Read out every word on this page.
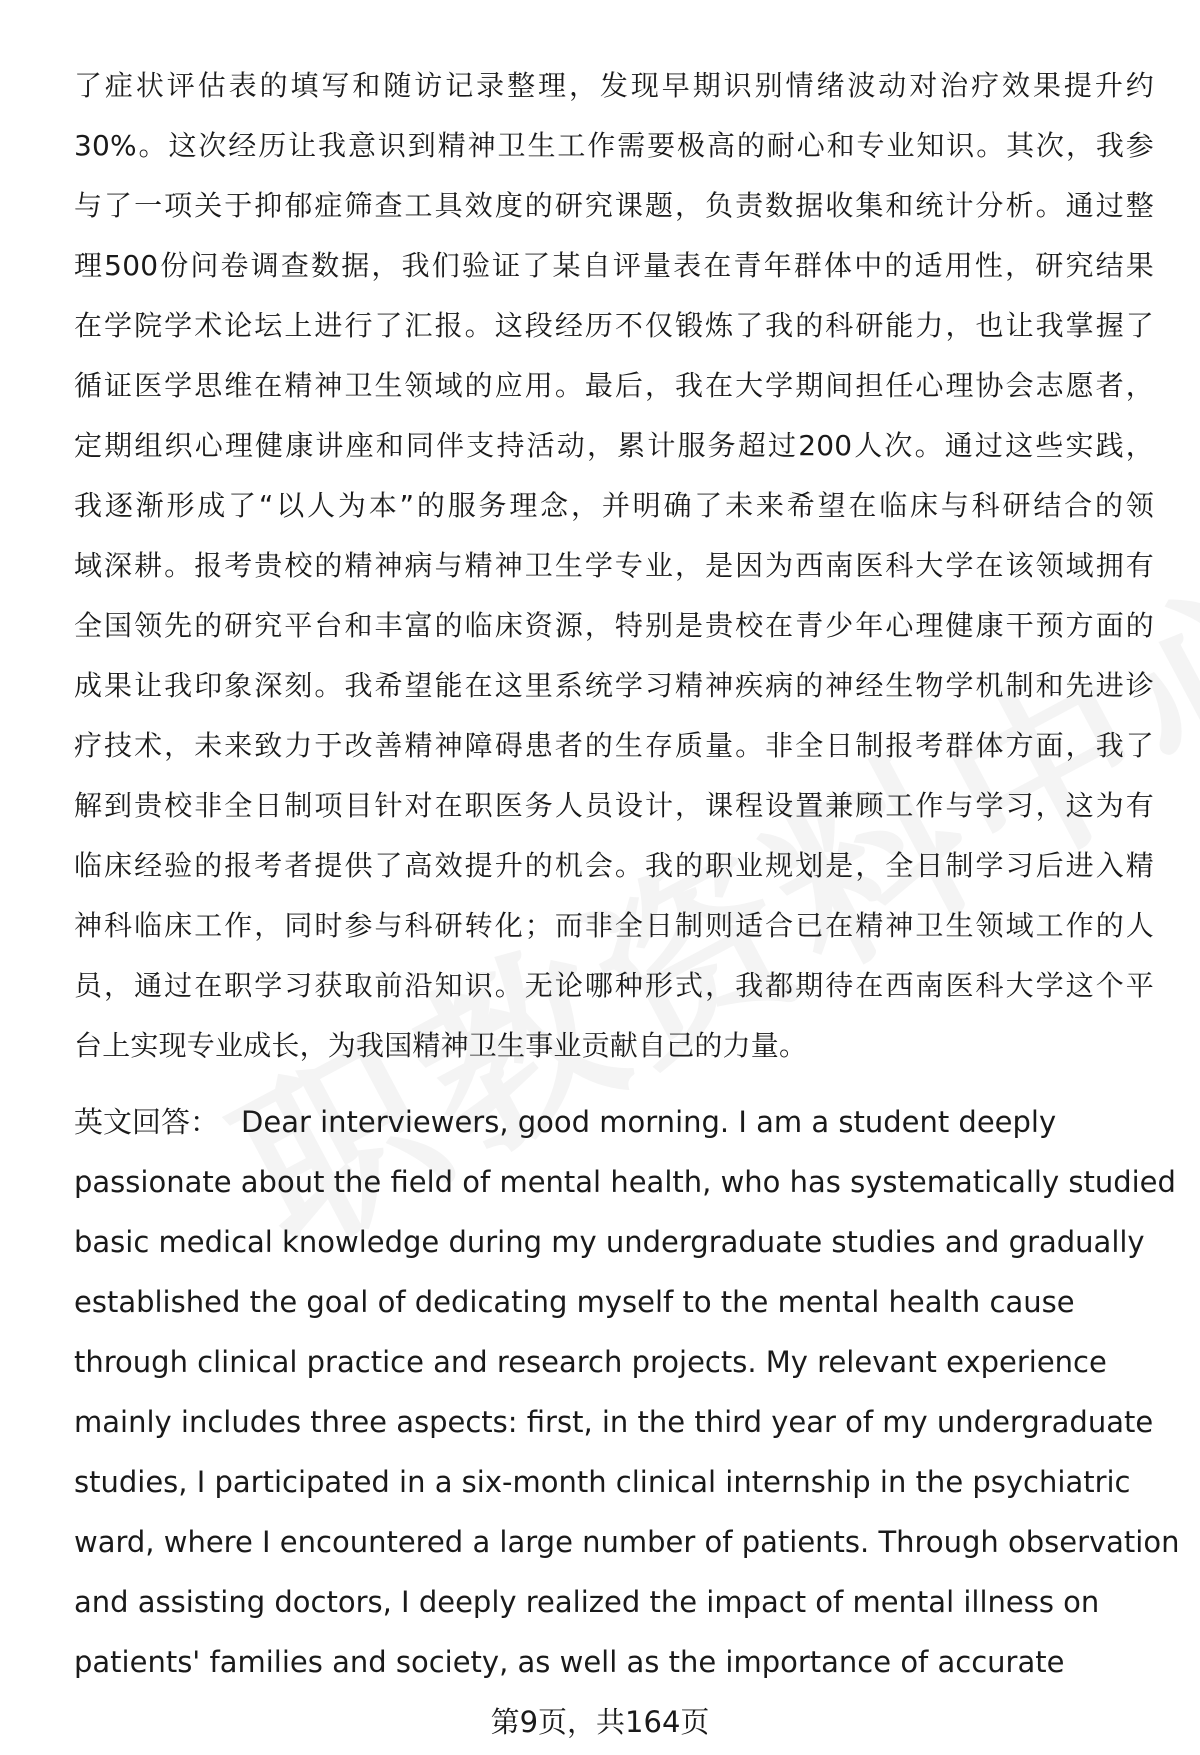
了症状评估表的填写和随访记录整理，发现早期识别情绪波动对治疗效果提升约
30%。这次经历让我意识到精神卫生工作需要极高的耐心和专业知识。其次，我参
与了一项关于抑郁症筛查工具效度的研究课题，负责数据收集和统计分析。通过整
理500份问卷调查数据，我们验证了某自评量表在青年群体中的适用性，研究结果
在学院学术论坛上进行了汇报。这段经历不仅锻炼了我的科研能力，也让我掌握了
循证医学思维在精神卫生领域的应用。最后，我在大学期间担任心理协会志愿者，
定期组织心理健康讲座和同伴支持活动，累计服务超过200人次。通过这些实践，
我逐渐形成了“以人为本”的服务理念，并明确了未来希望在临床与科研结合的领
域深耕。报考贵校的精神病与精神卫生学专业，是因为西南医科大学在该领域拥有
全国领先的研究平台和丰富的临床资源，特别是贵校在青少年心理健康干预方面的
成果让我印象深刻。我希望能在这里系统学习精神疾病的神经生物学机制和先进诊
疗技术，未来致力于改善精神障碍患者的生存质量。非全日制报考群体方面，我了
解到贵校非全日制项目针对在职医务人员设计，课程设置兼顾工作与学习，这为有
临床经验的报考者提供了高效提升的机会。我的职业规划是，全日制学习后进入精
神科临床工作，同时参与科研转化；而非全日制则适合已在精神卫生领域工作的人
员，通过在职学习获取前沿知识。无论哪种形式，我都期待在西南医科大学这个平
台上实现专业成长，为我国精神卫生事业贡献自己的力量。
英文回答： Dear interviewers, good morning. I am a student deeply
passionate about the field of mental health, who has systematically studied
basic medical knowledge during my undergraduate studies and gradually
established the goal of dedicating myself to the mental health cause
through clinical practice and research projects. My relevant experience
mainly includes three aspects: first, in the third year of my undergraduate
studies, I participated in a six-month clinical internship in the psychiatric
ward, where I encountered a large number of patients. Through observation
and assisting doctors, I deeply realized the impact of mental illness on
patients' families and society, as well as the importance of accurate
第9页，共164页
